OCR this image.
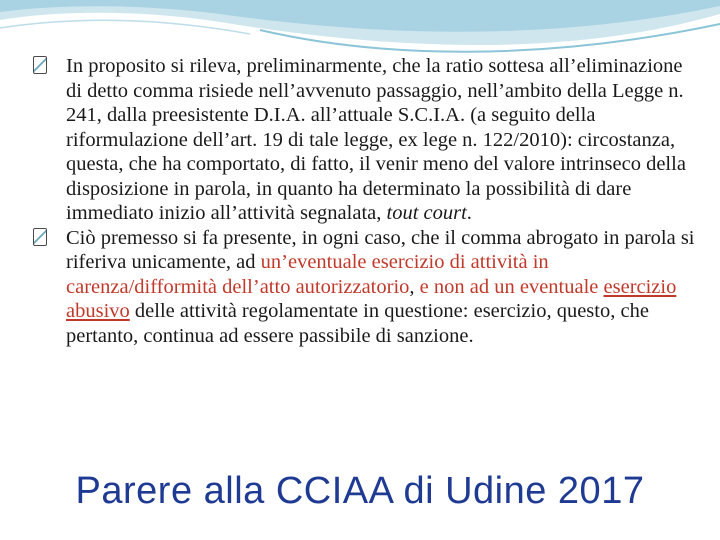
In proposito si rileva, preliminarmente, che la ratio sottesa all’eliminazione di detto comma risiede nell’avvenuto passaggio, nell’ambito della Legge n. 241, dalla preesistente D.I.A. all’attuale S.C.I.A. (a seguito della riformulazione dell’art. 19 di tale legge, ex lege n. 122/2010): circostanza, questa, che ha comportato, di fatto, il venir meno del valore intrinseco della disposizione in parola, in quanto ha determinato la possibilità di dare immediato inizio all’attività segnalata, tout court.

Ciò premesso si fa presente, in ogni caso, che il comma abrogato in parola si riferiva unicamente, ad un’eventuale esercizio di attività in carenza/difformità dell’atto autorizzatorio, e non ad un eventuale esercizio abusivo delle attività regolamentate in questione: esercizio, questo, che pertanto, continua ad essere passibile di sanzione.

Parere alla CCIAA di Udine 2017
